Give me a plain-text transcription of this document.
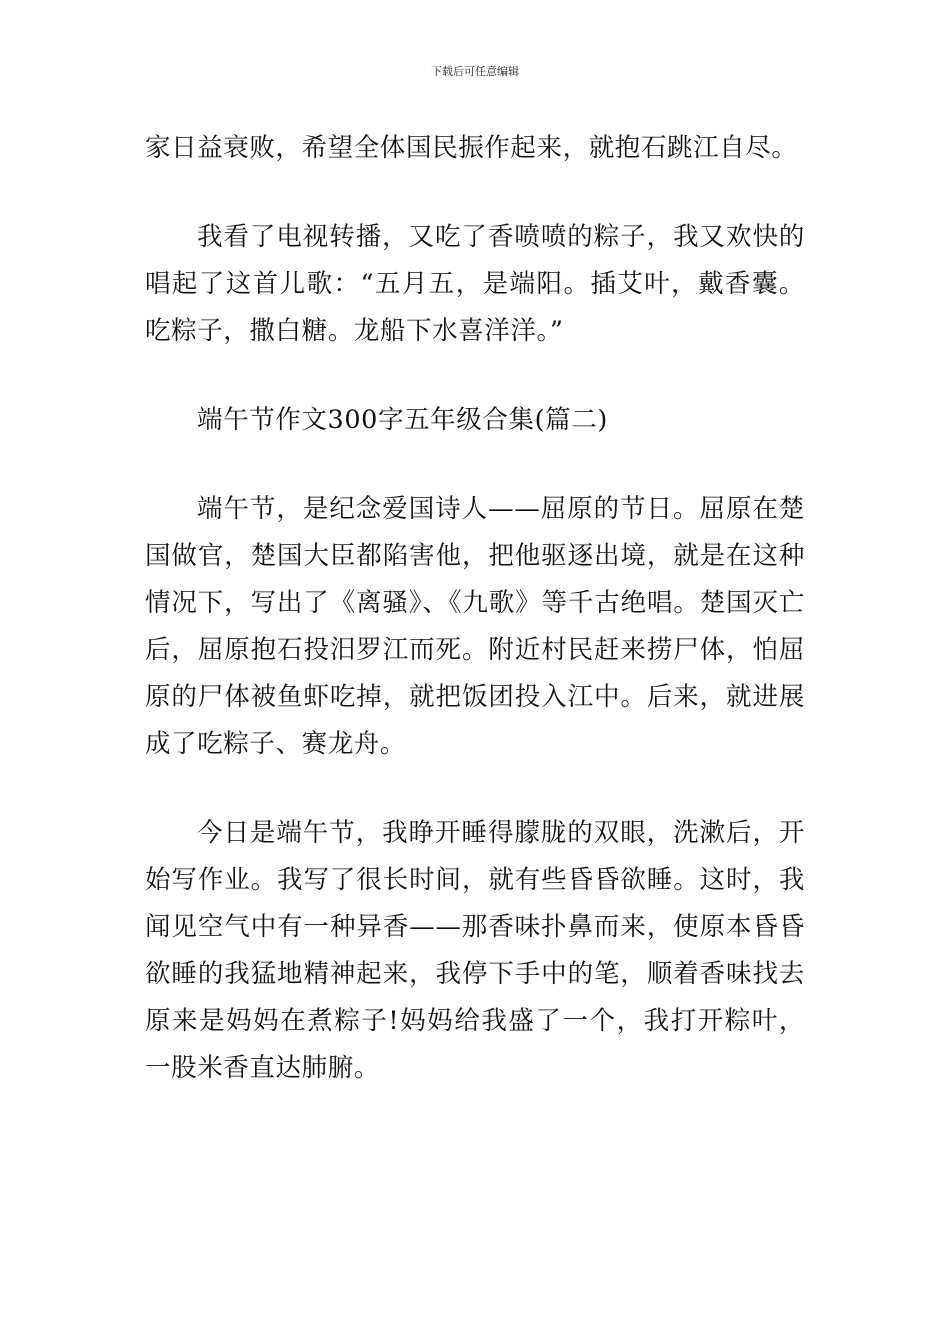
下载后可任意编辑

家日益衰败，希望全体国民振作起来，就抱石跳江自尽。

我看了电视转播，又吃了香喷喷的粽子，我又欢快的唱起了这首儿歌：“五月五，是端阳。插艾叶，戴香囊。吃粽子，撒白糖。龙船下水喜洋洋。”

端午节作文300字五年级合集(篇二)

端午节，是纪念爱国诗人——屈原的节日。屈原在楚国做官，楚国大臣都陷害他，把他驱逐出境，就是在这种情况下，写出了《离骚》、《九歌》等千古绝唱。楚国灭亡后，屈原抱石投汨罗江而死。附近村民赶来捞尸体，怕屈原的尸体被鱼虾吃掉，就把饭团投入江中。后来，就进展成了吃粽子、赛龙舟。

今日是端午节，我睁开睡得朦胧的双眼，洗漱后，开始写作业。我写了很长时间，就有些昏昏欲睡。这时，我闻见空气中有一种异香——那香味扑鼻而来，使原本昏昏欲睡的我猛地精神起来，我停下手中的笔，顺着香味找去原来是妈妈在煮粽子!妈妈给我盛了一个，我打开粽叶，一股米香直达肺腑。
